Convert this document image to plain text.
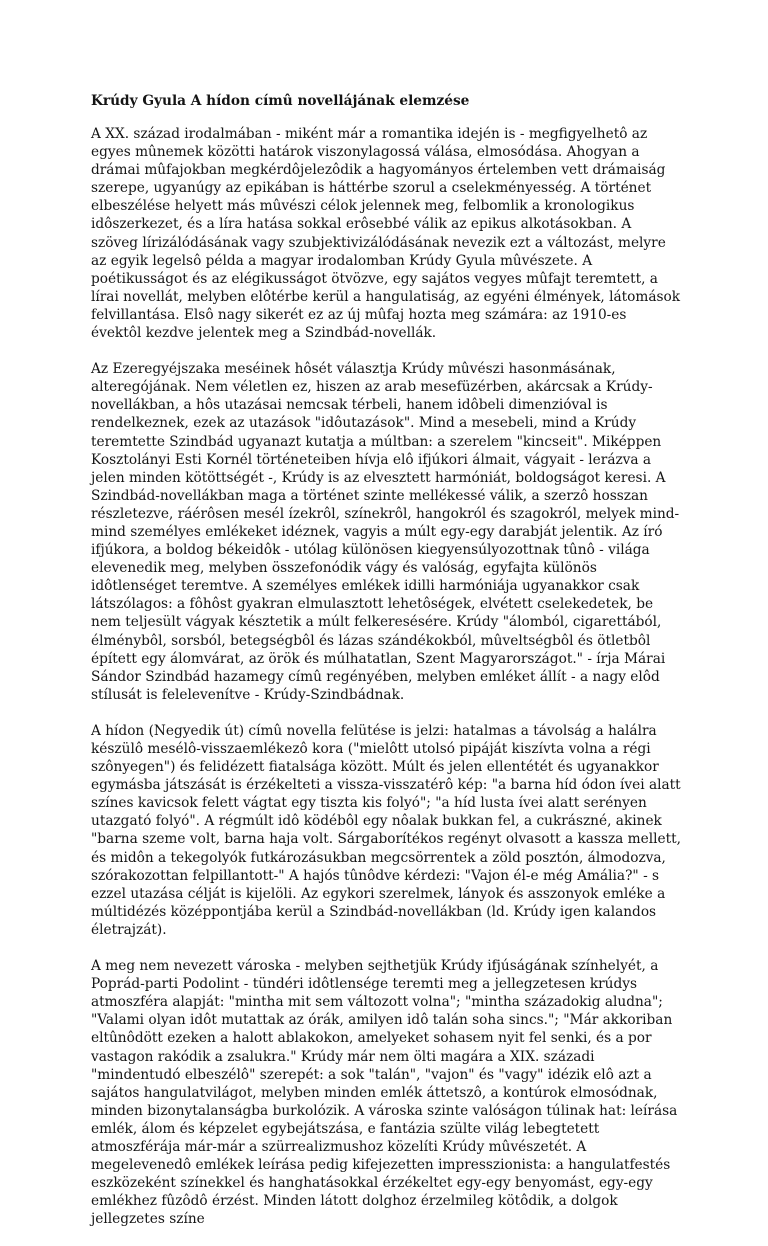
Krúdy Gyula A hídon címû novellájának elemzése

A XX. század irodalmában - miként már a romantika idején is - megfigyelhetô az egyes mûnemek közötti határok viszonylagossá válása, elmosódása. Ahogyan a drámai mûfajokban megkérdôjelezôdik a hagyományos értelemben vett drámaiság szerepe, ugyanúgy az epikában is háttérbe szorul a cselekményesség. A történet elbeszélése helyett más mûvészi célok jelennek meg, felbomlik a kronologikus idôszerkezet, és a líra hatása sokkal erôsebbé válik az epikus alkotásokban. A szöveg lírizálódásának vagy szubjektivizálódásának nevezik ezt a változást, melyre az egyik legelsô példa a magyar irodalomban Krúdy Gyula mûvészete. A poétikusságot és az elégikusságot ötvözve, egy sajátos vegyes mûfajt teremtett, a lírai novellát, melyben elôtérbe kerül a hangulatiság, az egyéni élmények, látomások felvillantása. Elsô nagy sikerét ez az új mûfaj hozta meg számára: az 1910-es évektôl kezdve jelentek meg a Szindbád-novellák.

Az Ezeregyéjszaka meséinek hôsét választja Krúdy mûvészi hasonmásának, alteregójának. Nem véletlen ez, hiszen az arab mesefüzérben, akárcsak a Krúdy-novellákban, a hôs utazásai nemcsak térbeli, hanem idôbeli dimenzióval is rendelkeznek, ezek az utazások "idôutazások". Mind a mesebeli, mind a Krúdy teremtette Szindbád ugyanazt kutatja a múltban: a szerelem "kincseit". Miképpen Kosztolányi Esti Kornél történeteiben hívja elô ifjúkori álmait, vágyait - lerázva a jelen minden kötöttségét -, Krúdy is az elvesztett harmóniát, boldogságot keresi. A Szindbád-novellákban maga a történet szinte mellékessé válik, a szerzô hosszan részletezve, ráérôsen mesél ízekrôl, színekrôl, hangokról és szagokról, melyek mind-mind személyes emlékeket idéznek, vagyis a múlt egy-egy darabját jelentik. Az író ifjúkora, a boldog békeidôk - utólag különösen kiegyensúlyozottnak tûnô - világa elevenedik meg, melyben összefonódik vágy és valóság, egyfajta különös idôtlenséget teremtve. A személyes emlékek idilli harmóniája ugyanakkor csak látszólagos: a fôhôst gyakran elmulasztott lehetôségek, elvétett cselekedetek, be nem teljesült vágyak késztetik a múlt felkeresésére. Krúdy "álomból, cigarettából, élménybôl, sorsból, betegségbôl és lázas szándékokból, mûveltségbôl és ötletbôl épített egy álomvárat, az örök és múlhatatlan, Szent Magyarországot." - írja Márai Sándor Szindbád hazamegy címû regényében, melyben emléket állít - a nagy elôd stílusát is felelevenítve - Krúdy-Szindbádnak.

A hídon (Negyedik út) címû novella felütése is jelzi: hatalmas a távolság a halálra készülô mesélô-visszaemlékezô kora ("mielôtt utolsó pipáját kiszívta volna a régi szônyegen") és felidézett fiatalsága között. Múlt és jelen ellentétét és ugyanakkor egymásba játszását is érzékelteti a vissza-visszatérô kép: "a barna híd ódon ívei alatt színes kavicsok felett vágtat egy tiszta kis folyó"; "a híd lusta ívei alatt serényen utazgató folyó". A régmúlt idô ködébôl egy nôalak bukkan fel, a cukrászné, akinek "barna szeme volt, barna haja volt. Sárgaborítékos regényt olvasott a kassza mellett, és midôn a tekegolyók futkározásukban megcsörrentek a zöld posztón, álmodozva, szórakozottan felpillantott-" A hajós tûnôdve kérdezi: "Vajon él-e még Amália?" - s ezzel utazása célját is kijelöli. Az egykori szerelmek, lányok és asszonyok emléke a múltidézés középpontjába kerül a Szindbád-novellákban (ld. Krúdy igen kalandos életrajzát).

A meg nem nevezett városka - melyben sejthetjük Krúdy ifjúságának színhelyét, a Poprád-parti Podolint - tündéri idôtlensége teremti meg a jellegzetesen krúdys atmoszféra alapját: "mintha mit sem változott volna"; "mintha századokig aludna"; "Valami olyan idôt mutattak az órák, amilyen idô talán soha sincs."; "Már akkoriban eltûnôdött ezeken a halott ablakokon, amelyeket sohasem nyit fel senki, és a por vastagon rakódik a zsalukra." Krúdy már nem ölti magára a XIX. századi "mindentudó elbeszélô" szerepét: a sok "talán", "vajon" és "vagy" idézik elô azt a sajátos hangulatvilágot, melyben minden emlék áttetszô, a kontúrok elmosódnak, minden bizonytalanságba burkolózik. A városka szinte valóságon túlinak hat: leírása emlék, álom és képzelet egybejátszása, e fantázia szülte világ lebegtetett atmoszférája már-már a szürrealizmushoz közelíti Krúdy mûvészetét. A megelevenedô emlékek leírása pedig kifejezetten impresszionista: a hangulatfestés eszközeként színekkel és hanghatásokkal érzékeltet egy-egy benyomást, egy-egy emlékhez fûzôdô érzést. Minden látott dolghoz érzelmileg kötôdik, a dolgok jellegzetes színe
